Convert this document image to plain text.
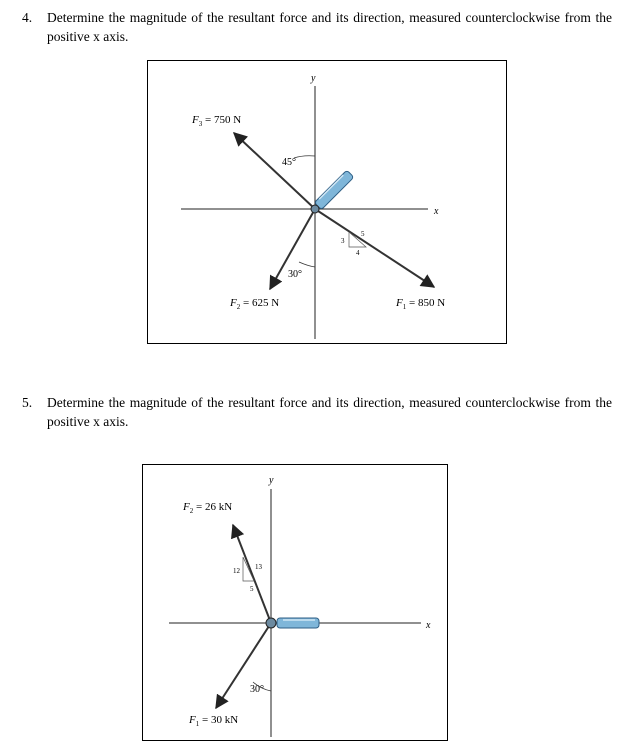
4. Determine the magnitude of the resultant force and its direction, measured counterclockwise from the positive x axis.
x
y
45°
30°
3
4
5
$F_3 = 750$ N
$F_2 = 625$ N	$F_1 = 850$ N
5. Determine the magnitude of the resultant force and its direction, measured counterclockwise from the positive x axis.
x
y
12 13
5
30°
$F_2 = 26$ kN
$F_1 = 30$ kN
